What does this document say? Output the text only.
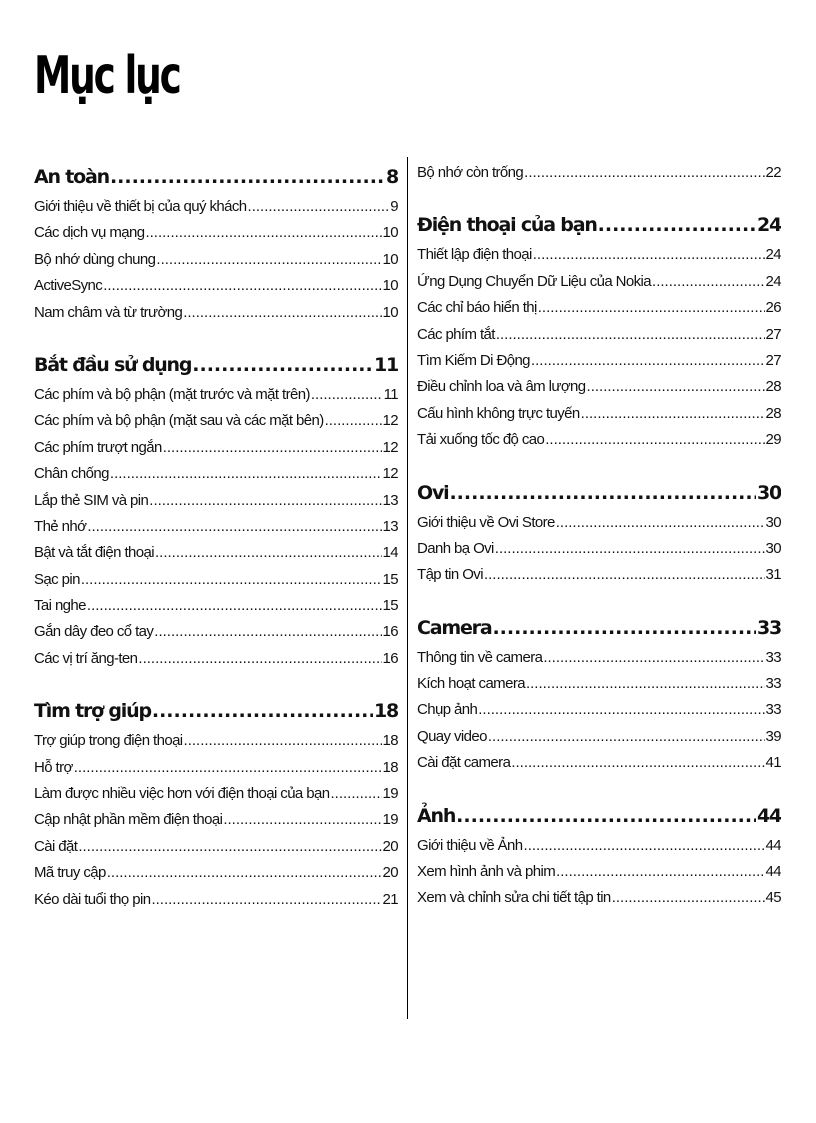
Mục lục
An toàn .....	8
Giới thiệu về thiết bị của quý khách .....	9
Các dịch vụ mạng .....	10
Bộ nhớ dùng chung .....	10
ActiveSync .....	10
Nam châm và từ trường .....	10
Bắt đầu sử dụng .....	11
Các phím và bộ phận (mặt trước và mặt trên) .....	11
Các phím và bộ phận (mặt sau và các mặt bên) .....	12
Các phím trượt ngắn .....	12
Chân chống .....	12
Lắp thẻ SIM và pin .....	13
Thẻ nhớ .....	13
Bật và tắt điện thoại .....	14
Sạc pin .....	15
Tai nghe .....	15
Gắn dây đeo cổ tay .....	16
Các vị trí ăng-ten .....	16
Tìm trợ giúp .....	18
Trợ giúp trong điện thoại .....	18
Hỗ trợ .....	18
Làm được nhiều việc hơn với điện thoại của bạn .....	19
Cập nhật phần mềm điện thoại .....	19
Cài đặt .....	20
Mã truy cập .....	20
Kéo dài tuổi thọ pin .....	21
Bộ nhớ còn trống .....	22
Điện thoại của bạn .....	24
Thiết lập điện thoại .....	24
Ứng Dụng Chuyển Dữ Liệu của Nokia .....	24
Các chỉ báo hiển thị .....	26
Các phím tắt .....	27
Tìm Kiếm Di Động .....	27
Điều chỉnh loa và âm lượng .....	28
Cấu hình không trực tuyến .....	28
Tải xuống tốc độ cao .....	29
Ovi .....	30
Giới thiệu về Ovi Store .....	30
Danh bạ Ovi .....	30
Tập tin Ovi .....	31
Camera .....	33
Thông tin về camera .....	33
Kích hoạt camera .....	33
Chụp ảnh .....	33
Quay video .....	39
Cài đặt camera .....	41
Ảnh .....	44
Giới thiệu về Ảnh .....	44
Xem hình ảnh và phim .....	44
Xem và chỉnh sửa chi tiết tập tin .....	45
